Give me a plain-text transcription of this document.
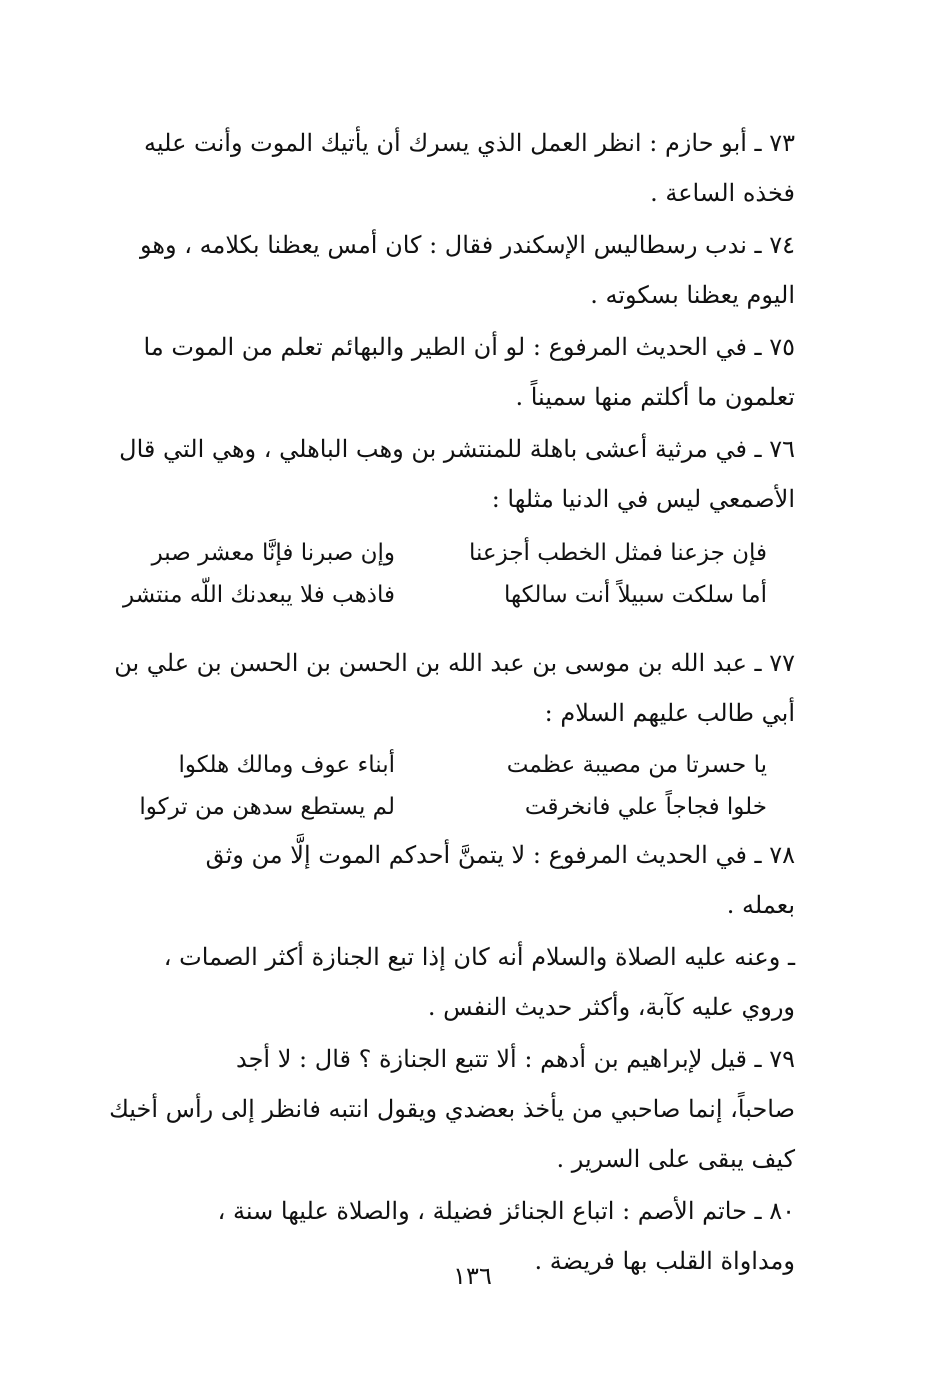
٧٣ ـ أبو حازم : انظر العمل الذي يسرك أن يأتيك الموت وأنت عليه
فخذه الساعة .
٧٤ ـ ندب رسطاليس الإسكندر فقال : كان أمس يعظنا بكلامه ، وهو
اليوم يعظنا بسكوته .
٧٥ ـ في الحديث المرفوع : لو أن الطير والبهائم تعلم من الموت ما
تعلمون ما أكلتم منها سميناً .
٧٦ ـ في مرثية أعشى باهلة للمنتشر بن وهب الباهلي ، وهي التي قال
الأصمعي ليس في الدنيا مثلها :
فإن جزعنا فمثل الخطب أجزعنا
وإن صبرنا فإنَّا معشر صبر
أما سلكت سبيلاً أنت سالكها
فاذهب فلا يبعدنك اللّه منتشر
٧٧ ـ عبد الله بن موسى بن عبد الله بن الحسن بن الحسن بن علي بن
أبي طالب عليهم السلام :
يا حسرتا من مصيبة عظمت
أبناء عوف ومالك هلكوا
خلوا فجاجاً علي فانخرقت
لم يستطع سدهن من تركوا
٧٨ ـ في الحديث المرفوع : لا يتمنَّ أحدكم الموت إلَّا من وثق
بعمله .
ـ وعنه عليه الصلاة والسلام أنه كان إذا تبع الجنازة أكثر الصمات ،
وروي عليه كآبة، وأكثر حديث النفس .
٧٩ ـ قيل لإبراهيم بن أدهم : ألا تتبع الجنازة ؟ قال : لا أجد
صاحباً، إنما صاحبي من يأخذ بعضدي ويقول انتبه فانظر إلى رأس أخيك
كيف يبقى على السرير .
٨٠ ـ حاتم الأصم : اتباع الجنائز فضيلة ، والصلاة عليها سنة ،
ومداواة القلب بها فريضة .
١٣٦
